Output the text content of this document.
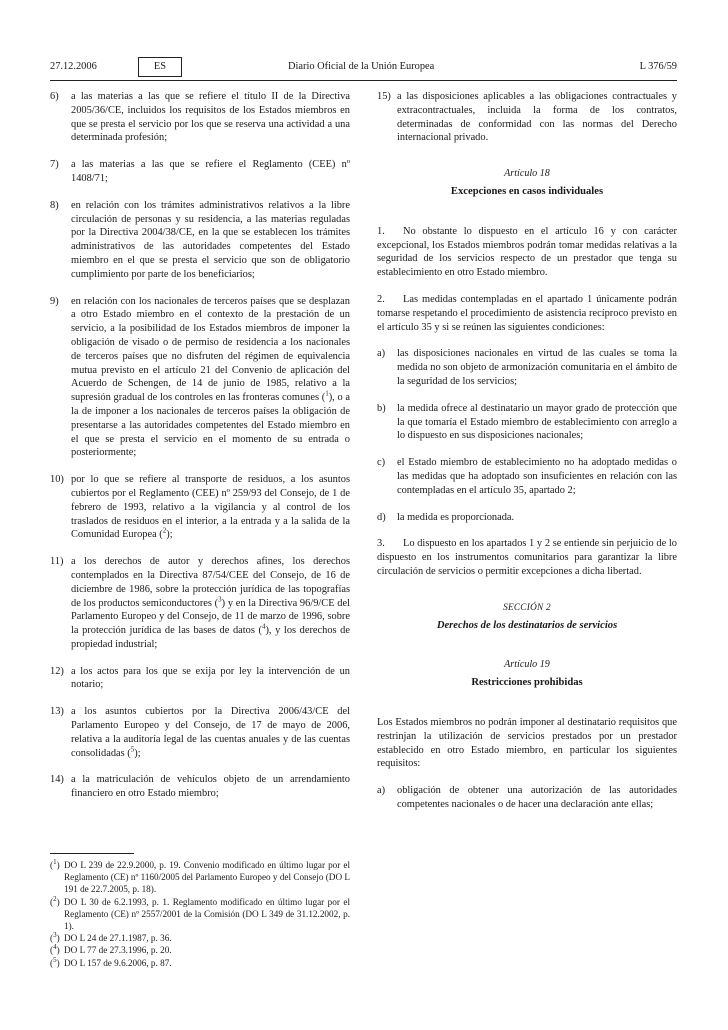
27.12.2006	ES	Diario Oficial de la Unión Europea	L 376/59
6) a las materias a las que se refiere el título II de la Directiva 2005/36/CE, incluidos los requisitos de los Estados miembros en que se presta el servicio por los que se reserva una actividad a una determinada profesión;
7) a las materias a las que se refiere el Reglamento (CEE) nº 1408/71;
8) en relación con los trámites administrativos relativos a la libre circulación de personas y su residencia, a las materias reguladas por la Directiva 2004/38/CE, en la que se establecen los trámites administrativos de las autoridades competentes del Estado miembro en el que se presta el servicio que son de obligatorio cumplimiento por parte de los beneficiarios;
9) en relación con los nacionales de terceros países que se desplazan a otro Estado miembro en el contexto de la prestación de un servicio, a la posibilidad de los Estados miembros de imponer la obligación de visado o de permiso de residencia a los nacionales de terceros países que no disfruten del régimen de equivalencia mutua previsto en el artículo 21 del Convenio de aplicación del Acuerdo de Schengen, de 14 de junio de 1985, relativo a la supresión gradual de los controles en las fronteras comunes ($^1$), o a la de imponer a los nacionales de terceros países la obligación de presentarse a las autoridades competentes del Estado miembro en el que se presta el servicio en el momento de su entrada o posteriormente;
10) por lo que se refiere al transporte de residuos, a los asuntos cubiertos por el Reglamento (CEE) nº 259/93 del Consejo, de 1 de febrero de 1993, relativo a la vigilancia y al control de los traslados de residuos en el interior, a la entrada y a la salida de la Comunidad Europea ($^2$);
11) a los derechos de autor y derechos afines, los derechos contemplados en la Directiva 87/54/CEE del Consejo, de 16 de diciembre de 1986, sobre la protección jurídica de las topografías de los productos semiconductores ($^3$) y en la Directiva 96/9/CE del Parlamento Europeo y del Consejo, de 11 de marzo de 1996, sobre la protección jurídica de las bases de datos ($^4$), y los derechos de propiedad industrial;
12) a los actos para los que se exija por ley la intervención de un notario;
13) a los asuntos cubiertos por la Directiva 2006/43/CE del Parlamento Europeo y del Consejo, de 17 de mayo de 2006, relativa a la auditoría legal de las cuentas anuales y de las cuentas consolidadas ($^5$);
14) a la matriculación de vehículos objeto de un arrendamiento financiero en otro Estado miembro;
($^1$) DO L 239 de 22.9.2000, p. 19. Convenio modificado en último lugar por el Reglamento (CE) nº 1160/2005 del Parlamento Europeo y del Consejo (DO L 191 de 22.7.2005, p. 18).
($^2$) DO L 30 de 6.2.1993, p. 1. Reglamento modificado en último lugar por el Reglamento (CE) nº 2557/2001 de la Comisión (DO L 349 de 31.12.2002, p. 1).
($^3$) DO L 24 de 27.1.1987, p. 36.
($^4$) DO L 77 de 27.3.1996, p. 20.
($^5$) DO L 157 de 9.6.2006, p. 87.
15) a las disposiciones aplicables a las obligaciones contractuales y extracontractuales, incluida la forma de los contratos, determinadas de conformidad con las normas del Derecho internacional privado.
Artículo 18
Excepciones en casos individuales
1. No obstante lo dispuesto en el artículo 16 y con carácter excepcional, los Estados miembros podrán tomar medidas relativas a la seguridad de los servicios respecto de un prestador que tenga su establecimiento en otro Estado miembro.
2. Las medidas contempladas en el apartado 1 únicamente podrán tomarse respetando el procedimiento de asistencia recíproco previsto en el artículo 35 y si se reúnen las siguientes condiciones:
a) las disposiciones nacionales en virtud de las cuales se toma la medida no son objeto de armonización comunitaria en el ámbito de la seguridad de los servicios;
b) la medida ofrece al destinatario un mayor grado de protección que la que tomaría el Estado miembro de establecimiento con arreglo a lo dispuesto en sus disposiciones nacionales;
c) el Estado miembro de establecimiento no ha adoptado medidas o las medidas que ha adoptado son insuficientes en relación con las contempladas en el artículo 35, apartado 2;
d) la medida es proporcionada.
3. Lo dispuesto en los apartados 1 y 2 se entiende sin perjuicio de lo dispuesto en los instrumentos comunitarios para garantizar la libre circulación de servicios o permitir excepciones a dicha libertad.
SECCIÓN 2
Derechos de los destinatarios de servicios
Artículo 19
Restricciones prohibidas
Los Estados miembros no podrán imponer al destinatario requisitos que restrinjan la utilización de servicios prestados por un prestador establecido en otro Estado miembro, en particular los siguientes requisitos:
a) obligación de obtener una autorización de las autoridades competentes nacionales o de hacer una declaración ante ellas;
